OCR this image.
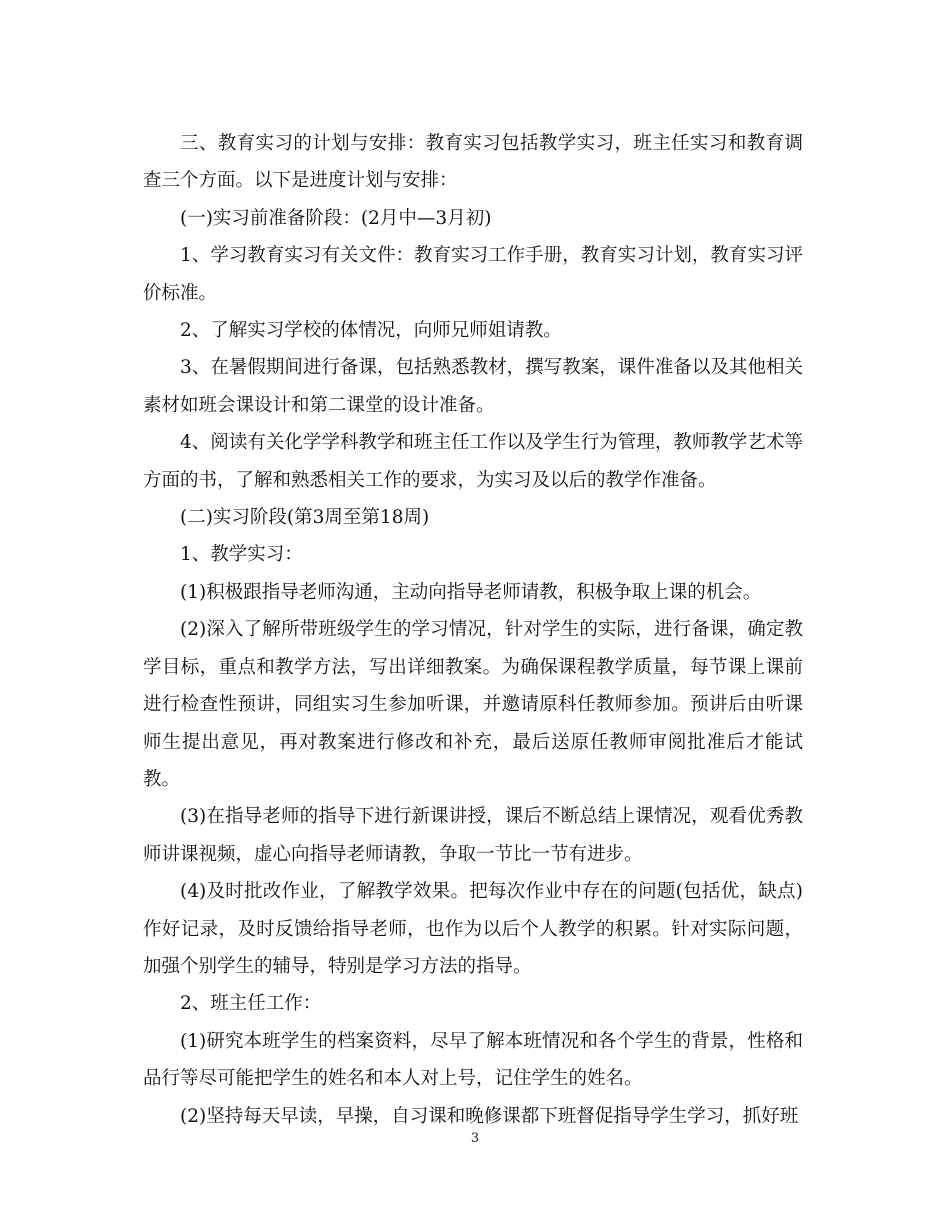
三、教育实习的计划与安排：教育实习包括教学实习，班主任实习和教育调查三个方面。以下是进度计划与安排：

(一)实习前准备阶段：(2月中—3月初)

1、学习教育实习有关文件：教育实习工作手册，教育实习计划，教育实习评价标准。

2、了解实习学校的体情况，向师兄师姐请教。

3、在暑假期间进行备课，包括熟悉教材，撰写教案，课件准备以及其他相关素材如班会课设计和第二课堂的设计准备。

4、阅读有关化学学科教学和班主任工作以及学生行为管理，教师教学艺术等方面的书，了解和熟悉相关工作的要求，为实习及以后的教学作准备。

(二)实习阶段(第3周至第18周)

1、教学实习：

(1)积极跟指导老师沟通，主动向指导老师请教，积极争取上课的机会。

(2)深入了解所带班级学生的学习情况，针对学生的实际，进行备课，确定教学目标，重点和教学方法，写出详细教案。为确保课程教学质量，每节课上课前进行检查性预讲，同组实习生参加听课，并邀请原科任教师参加。预讲后由听课师生提出意见，再对教案进行修改和补充，最后送原任教师审阅批准后才能试教。

(3)在指导老师的指导下进行新课讲授，课后不断总结上课情况，观看优秀教师讲课视频，虚心向指导老师请教，争取一节比一节有进步。

(4)及时批改作业，了解教学效果。把每次作业中存在的问题(包括优，缺点)作好记录，及时反馈给指导老师，也作为以后个人教学的积累。针对实际问题，加强个别学生的辅导，特别是学习方法的指导。

2、班主任工作：

(1)研究本班学生的档案资料，尽早了解本班情况和各个学生的背景，性格和品行等尽可能把学生的姓名和本人对上号，记住学生的姓名。

(2)坚持每天早读，早操，自习课和晚修课都下班督促指导学生学习，抓好班

3
